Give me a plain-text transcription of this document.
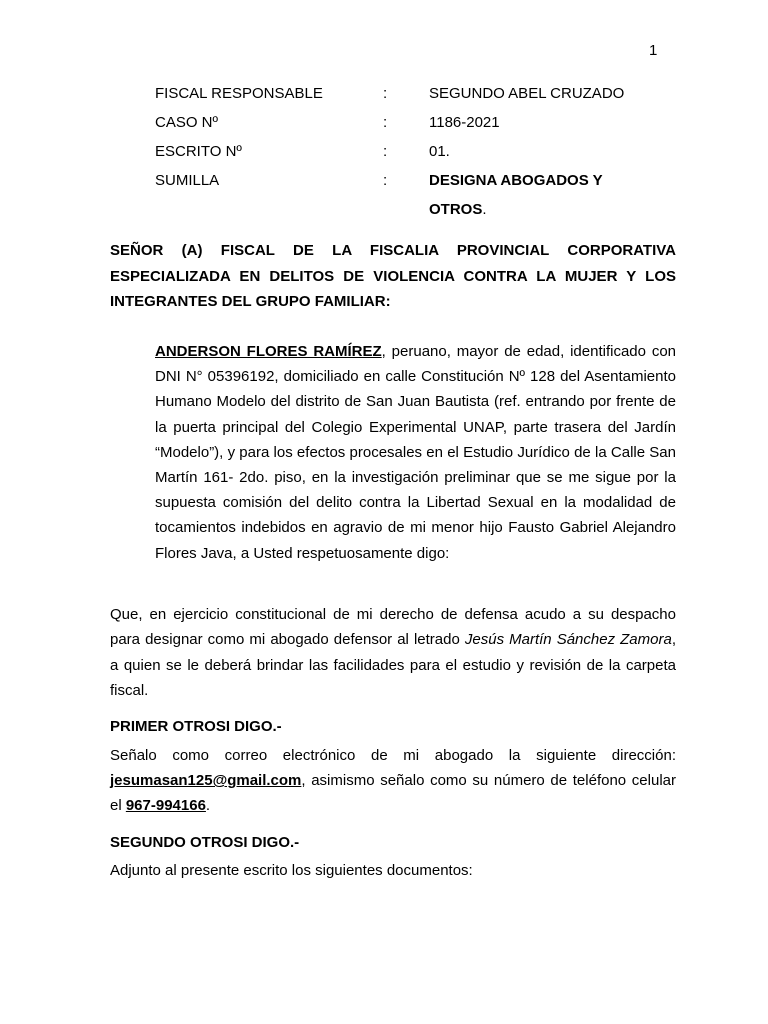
1
FISCAL RESPONSABLE	:	SEGUNDO ABEL CRUZADO
CASO Nº	:	1186-2021
ESCRITO Nº	:	01.
SUMILLA	:	DESIGNA ABOGADOS Y
OTROS.

SEÑOR (A) FISCAL DE LA FISCALIA PROVINCIAL CORPORATIVA ESPECIALIZADA EN DELITOS DE VIOLENCIA CONTRA LA MUJER Y LOS INTEGRANTES DEL GRUPO FAMILIAR:

ANDERSON FLORES RAMÍREZ, peruano, mayor de edad, identificado con DNI N° 05396192, domiciliado en calle Constitución Nº 128 del Asentamiento Humano Modelo del distrito de San Juan Bautista (ref. entrando por frente de la puerta principal del Colegio Experimental UNAP, parte trasera del Jardín “Modelo”), y para los efectos procesales en el Estudio Jurídico de la Calle San Martín 161- 2do. piso, en la investigación preliminar que se me sigue por la supuesta comisión del delito contra la Libertad Sexual en la modalidad de tocamientos indebidos en agravio de mi menor hijo Fausto Gabriel Alejandro Flores Java, a Usted respetuosamente digo:

Que, en ejercicio constitucional de mi derecho de defensa acudo a su despacho para designar como mi abogado defensor al letrado Jesús Martín Sánchez Zamora, a quien se le deberá brindar las facilidades para el estudio y revisión de la carpeta fiscal.

PRIMER OTROSI DIGO.-

Señalo como correo electrónico de mi abogado la siguiente dirección: jesumasan125@gmail.com, asimismo señalo como su número de teléfono celular el 967-994166.

SEGUNDO OTROSI DIGO.-
Adjunto al presente escrito los siguientes documentos:
